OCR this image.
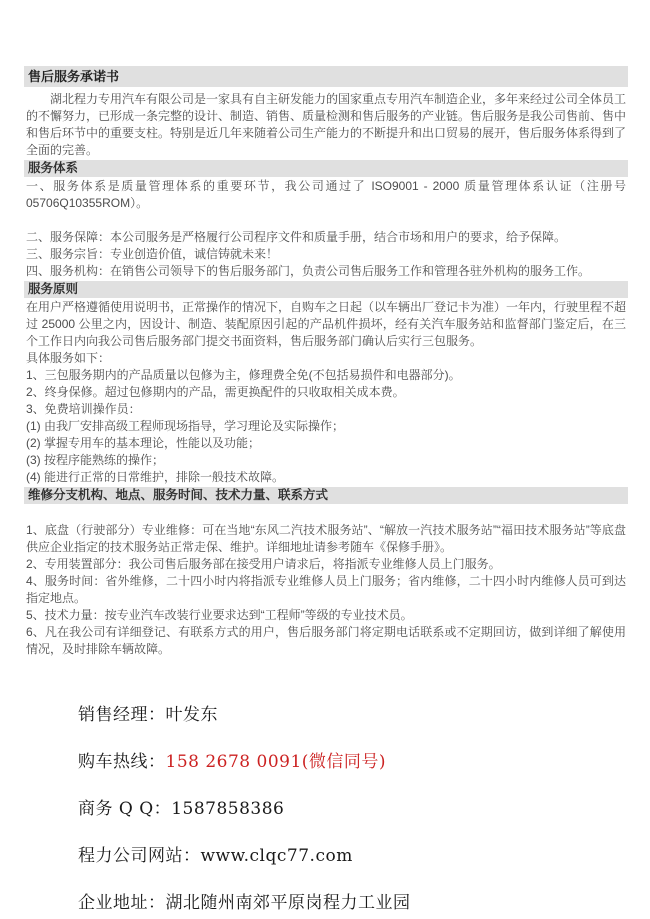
售后服务承诺书

湖北程力专用汽车有限公司是一家具有自主研发能力的国家重点专用汽车制造企业，多年来经过公司全体员工的不懈努力，已形成一条完整的设计、制造、销售、质量检测和售后服务的产业链。售后服务是我公司售前、售中和售后环节中的重要支柱。特别是近几年来随着公司生产能力的不断提升和出口贸易的展开，售后服务体系得到了全面的完善。

服务体系

一、服务体系是质量管理体系的重要环节，我公司通过了 ISO9001 - 2000 质量管理体系认证（注册号 05706Q10355ROM）。

二、服务保障：本公司服务是严格履行公司程序文件和质量手册，结合市场和用户的要求，给予保障。

三、服务宗旨：专业创造价值，诚信铸就未来！

四、服务机构：在销售公司领导下的售后服务部门，负责公司售后服务工作和管理各驻外机构的服务工作。

服务原则

在用户严格遵循使用说明书，正常操作的情况下，自购车之日起（以车辆出厂登记卡为准）一年内，行驶里程不超过 25000 公里之内，因设计、制造、装配原因引起的产品机件损坏，经有关汽车服务站和监督部门鉴定后，在三个工作日内向我公司售后服务部门提交书面资料，售后服务部门确认后实行三包服务。

具体服务如下：

1、三包服务期内的产品质量以包修为主，修理费全免(不包括易损件和电器部分)。

2、终身保修。超过包修期内的产品，需更换配件的只收取相关成本费。

3、免费培训操作员：

(1) 由我厂安排高级工程师现场指导，学习理论及实际操作；

(2) 掌握专用车的基本理论，性能以及功能；

(3) 按程序能熟练的操作；

(4) 能进行正常的日常维护，排除一般技术故障。

维修分支机构、地点、服务时间、技术力量、联系方式

1、底盘（行驶部分）专业维修：可在当地“东风二汽技术服务站”、“解放一汽技术服务站”“福田技术服务站”等底盘供应企业指定的技术服务站正常走保、维护。详细地址请参考随车《保修手册》。

2、专用装置部分：我公司售后服务部在接受用户请求后，将指派专业维修人员上门服务。

4、服务时间：省外维修，二十四小时内将指派专业维修人员上门服务；省内维修，二十四小时内维修人员可到达指定地点。

5、技术力量：按专业汽车改装行业要求达到“工程师”等级的专业技术员。

6、凡在我公司有详细登记、有联系方式的用户，售后服务部门将定期电话联系或不定期回访，做到详细了解使用情况，及时排除车辆故障。

销售经理：叶发东
购车热线：158 2678 0091(微信同号)
商务 Q Q：1587858386
程力公司网站：www.clqc77.com
企业地址：湖北随州南郊平原岗程力工业园
